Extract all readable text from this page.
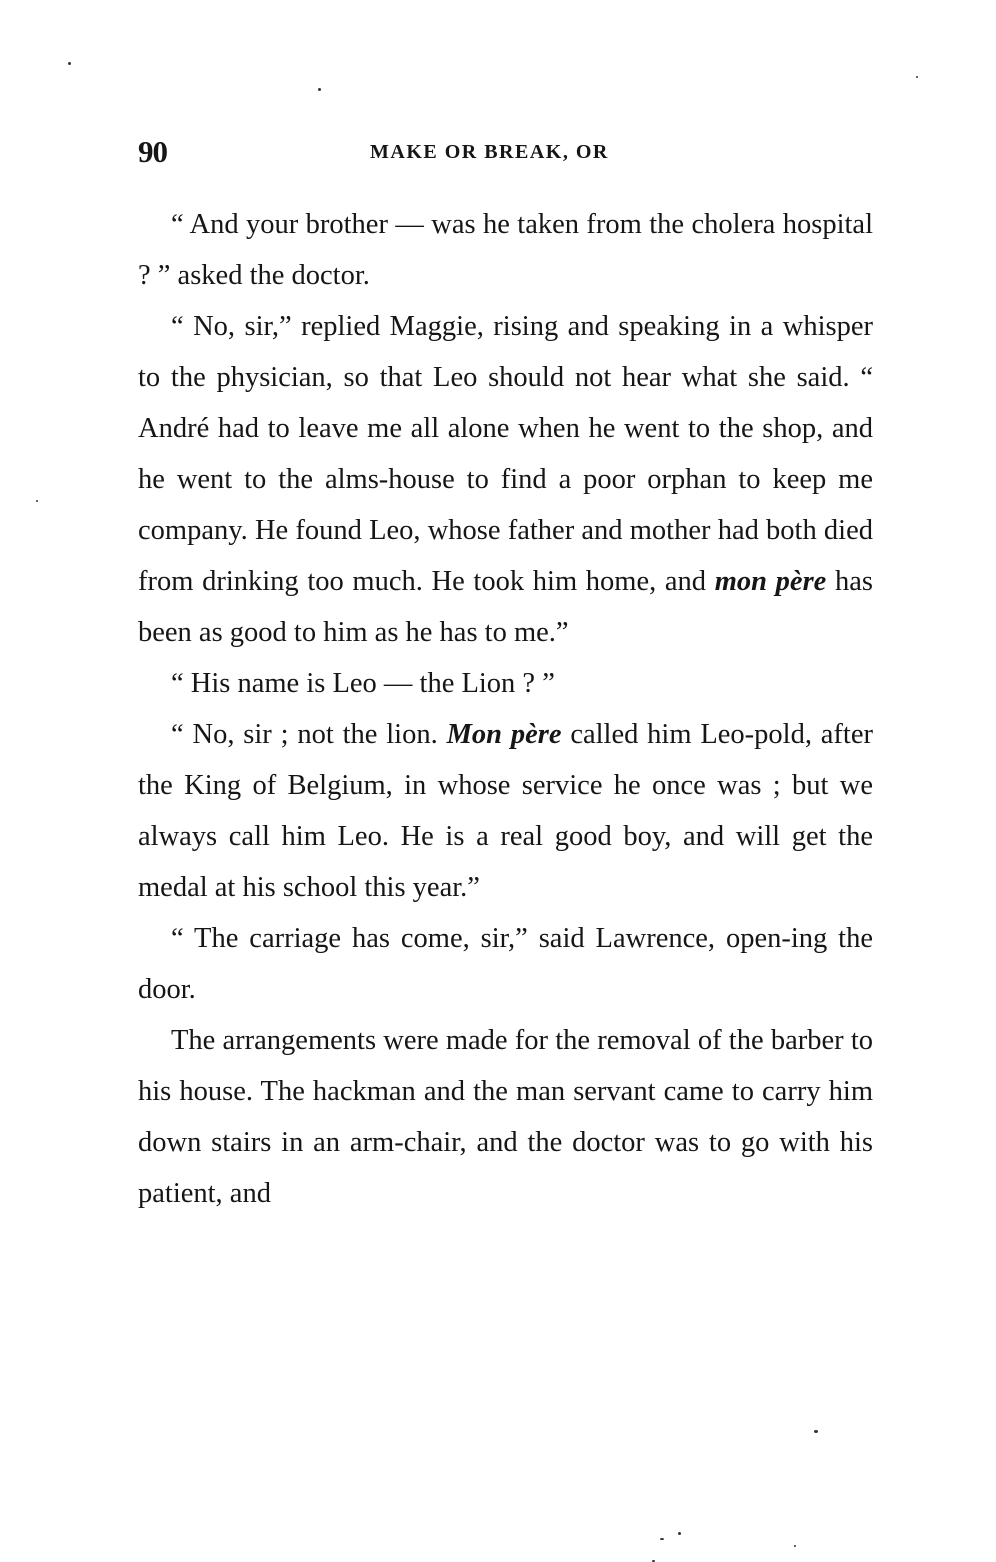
90	MAKE OR BREAK, OR

“ And your brother — was he taken from the cholera hospital ? ” asked the doctor.

“ No, sir,” replied Maggie, rising and speaking in a whisper to the physician, so that Leo should not hear what she said. “ André had to leave me all alone when he went to the shop, and he went to the alms-house to find a poor orphan to keep me company. He found Leo, whose father and mother had both died from drinking too much. He took him home, and mon père has been as good to him as he has to me.”

“ His name is Leo — the Lion ? ”

“ No, sir ; not the lion. Mon père called him Leo-pold, after the King of Belgium, in whose service he once was ; but we always call him Leo. He is a real good boy, and will get the medal at his school this year.”

“ The carriage has come, sir,” said Lawrence, open-ing the door.

The arrangements were made for the removal of the barber to his house. The hackman and the man servant came to carry him down stairs in an arm-chair, and the doctor was to go with his patient, and
